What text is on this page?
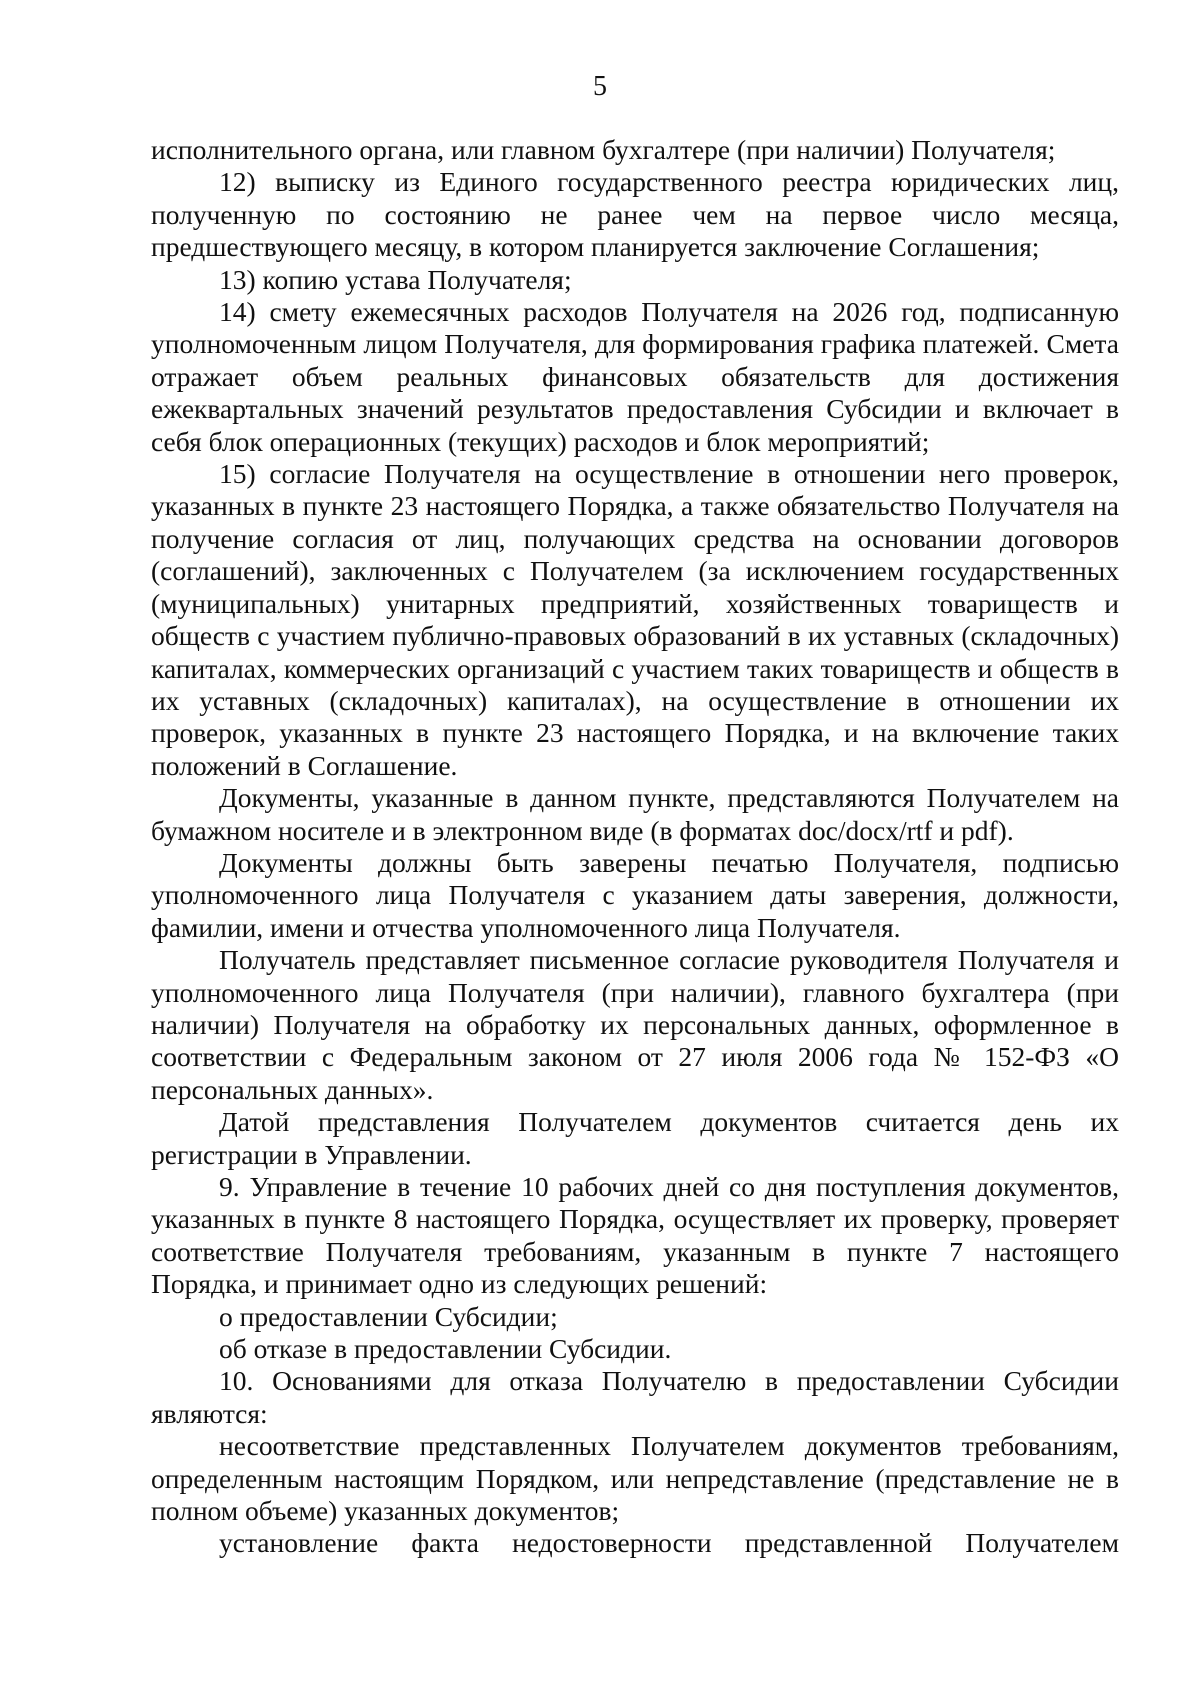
5

исполнительного органа, или главном бухгалтере (при наличии) Получателя;

12) выписку из Единого государственного реестра юридических лиц, полученную по состоянию не ранее чем на первое число месяца, предшествующего месяцу, в котором планируется заключение Соглашения;

13) копию устава Получателя;

14) смету ежемесячных расходов Получателя на 2026 год, подписанную уполномоченным лицом Получателя, для формирования графика платежей. Смета отражает объем реальных финансовых обязательств для достижения ежеквартальных значений результатов предоставления Субсидии и включает в себя блок операционных (текущих) расходов и блок мероприятий;

15) согласие Получателя на осуществление в отношении него проверок, указанных в пункте 23 настоящего Порядка, а также обязательство Получателя на получение согласия от лиц, получающих средства на основании договоров (соглашений), заключенных с Получателем (за исключением государственных (муниципальных) унитарных предприятий, хозяйственных товариществ и обществ с участием публично-правовых образований в их уставных (складочных) капиталах, коммерческих организаций с участием таких товариществ и обществ в их уставных (складочных) капиталах), на осуществление в отношении их проверок, указанных в пункте 23 настоящего Порядка, и на включение таких положений в Соглашение.

Документы, указанные в данном пункте, представляются Получателем на бумажном носителе и в электронном виде (в форматах doc/docx/rtf и pdf).

Документы должны быть заверены печатью Получателя, подписью уполномоченного лица Получателя с указанием даты заверения, должности, фамилии, имени и отчества уполномоченного лица Получателя.

Получатель представляет письменное согласие руководителя Получателя и уполномоченного лица Получателя (при наличии), главного бухгалтера (при наличии) Получателя на обработку их персональных данных, оформленное в соответствии с Федеральным законом от 27 июля 2006 года № 152-ФЗ «О персональных данных».

Датой представления Получателем документов считается день их регистрации в Управлении.

9. Управление в течение 10 рабочих дней со дня поступления документов, указанных в пункте 8 настоящего Порядка, осуществляет их проверку, проверяет соответствие Получателя требованиям, указанным в пункте 7 настоящего Порядка, и принимает одно из следующих решений:

о предоставлении Субсидии;

об отказе в предоставлении Субсидии.

10. Основаниями для отказа Получателю в предоставлении Субсидии являются:

несоответствие представленных Получателем документов требованиям, определенным настоящим Порядком, или непредставление (представление не в полном объеме) указанных документов;

установление факта недостоверности представленной Получателем
